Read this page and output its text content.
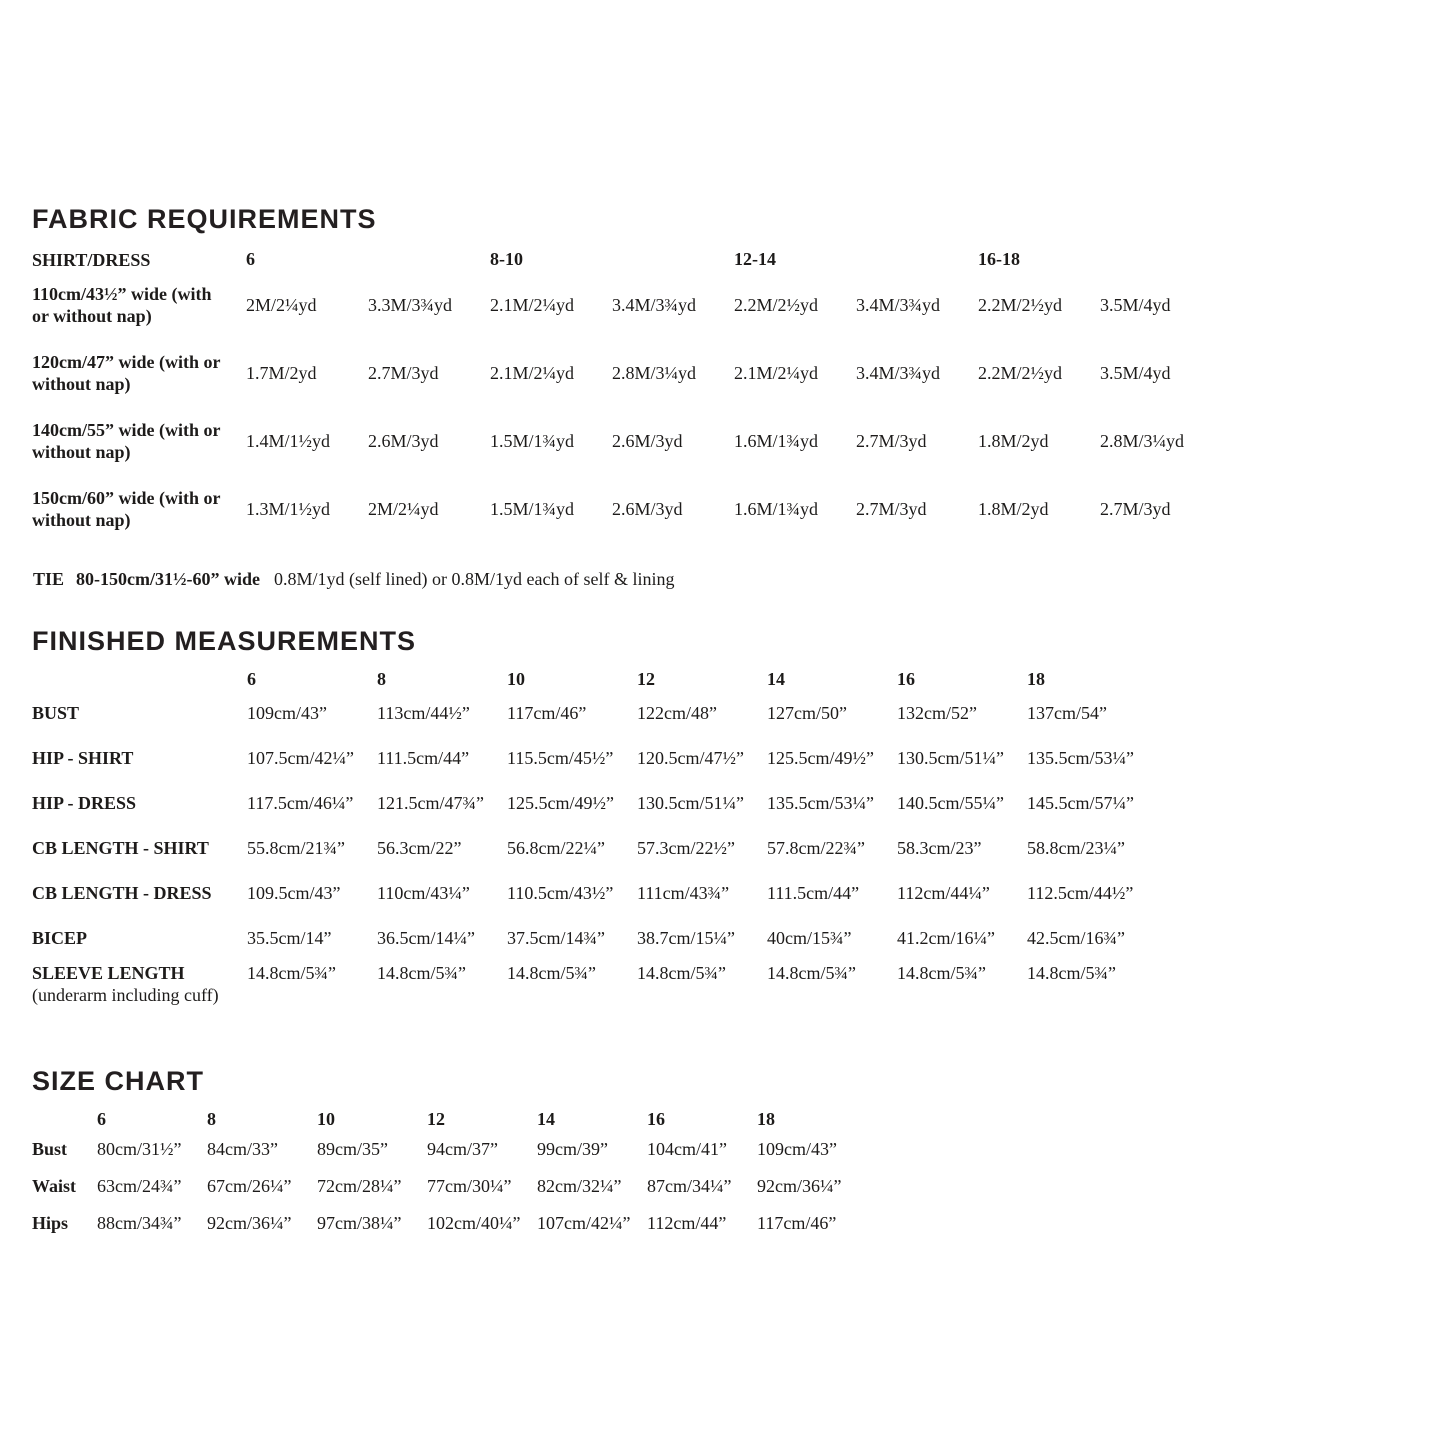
FABRIC REQUIREMENTS
SHIRT/DRESS	6	8-10	12-14	16-18
110cm/43½” wide (with or without nap)
2M/2¼yd	3.3M/3¾yd	2.1M/2¼yd	3.4M/3¾yd	2.2M/2½yd	3.4M/3¾yd	2.2M/2½yd	3.5M/4yd
120cm/47” wide (with or without nap)
1.7M/2yd	2.7M/3yd	2.1M/2¼yd	2.8M/3¼yd	2.1M/2¼yd	3.4M/3¾yd	2.2M/2½yd	3.5M/4yd
140cm/55” wide (with or without nap)
1.4M/1½yd	2.6M/3yd	1.5M/1¾yd	2.6M/3yd	1.6M/1¾yd	2.7M/3yd	1.8M/2yd	2.8M/3¼yd
150cm/60” wide (with or without nap)
1.3M/1½yd	2M/2¼yd	1.5M/1¾yd	2.6M/3yd	1.6M/1¾yd	2.7M/3yd	1.8M/2yd	2.7M/3yd
TIE 80-150cm/31½-60” wide 0.8M/1yd (self lined) or 0.8M/1yd each of self & lining
FINISHED MEASUREMENTS
6	8	10	12	14	16	18
BUST	109cm/43”	113cm/44½”	117cm/46”	122cm/48”	127cm/50”	132cm/52”	137cm/54”
HIP - SHIRT	107.5cm/42¼”	111.5cm/44”	115.5cm/45½”	120.5cm/47½”	125.5cm/49½”	130.5cm/51¼”	135.5cm/53¼”
HIP - DRESS	117.5cm/46¼”	121.5cm/47¾”	125.5cm/49½”	130.5cm/51¼”	135.5cm/53¼”	140.5cm/55¼”	145.5cm/57¼”
CB LENGTH - SHIRT	55.8cm/21¾”	56.3cm/22”	56.8cm/22¼”	57.3cm/22½”	57.8cm/22¾”	58.3cm/23”	58.8cm/23¼”
CB LENGTH - DRESS	109.5cm/43”	110cm/43¼”	110.5cm/43½”	111cm/43¾”	111.5cm/44”	112cm/44¼”	112.5cm/44½”
BICEP	35.5cm/14”	36.5cm/14¼”	37.5cm/14¾”	38.7cm/15¼”	40cm/15¾”	41.2cm/16¼”	42.5cm/16¾”
SLEEVE LENGTH
(underarm including cuff)
14.8cm/5¾”	14.8cm/5¾”	14.8cm/5¾”	14.8cm/5¾”	14.8cm/5¾”	14.8cm/5¾”	14.8cm/5¾”
SIZE CHART
6	8	10	12	14	16	18
Bust	80cm/31½”	84cm/33”	89cm/35”	94cm/37”	99cm/39”	104cm/41”	109cm/43”
Waist	63cm/24¾”	67cm/26¼”	72cm/28¼”	77cm/30¼”	82cm/32¼”	87cm/34¼”	92cm/36¼”
Hips	88cm/34¾”	92cm/36¼”	97cm/38¼”	102cm/40¼” 107cm/42¼” 112cm/44”	117cm/46”
